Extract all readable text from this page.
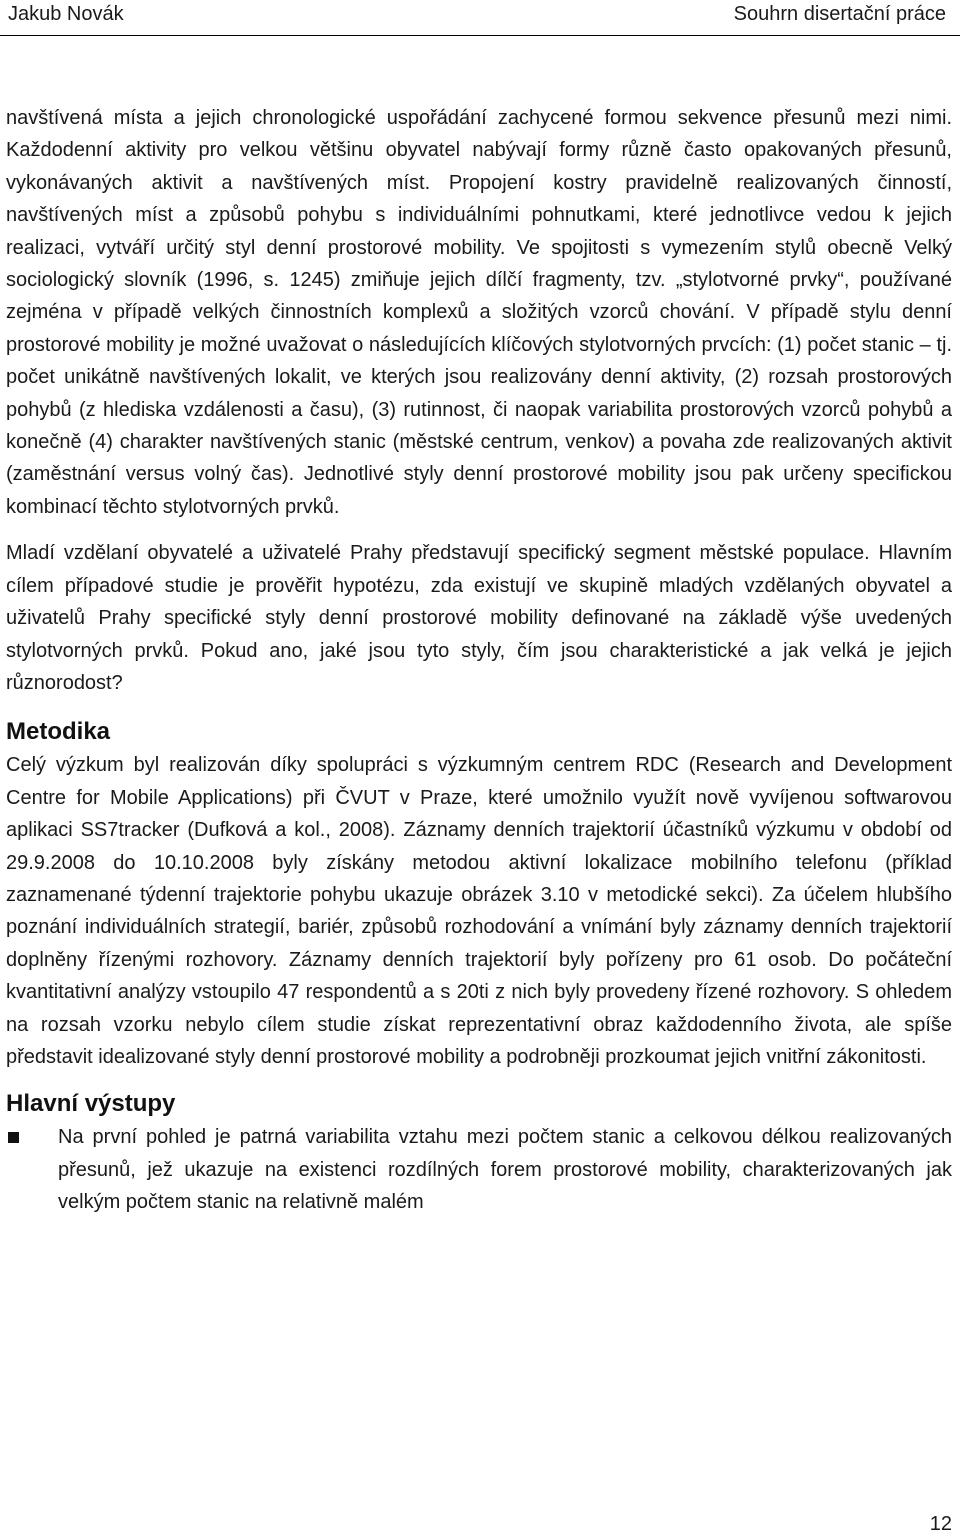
Jakub Novák	Souhrn disertační práce

navštívená místa a jejich chronologické uspořádání zachycené formou sekvence přesunů mezi nimi. Každodenní aktivity pro velkou většinu obyvatel nabývají formy různě často opakovaných přesunů, vykonávaných aktivit a navštívených míst. Propojení kostry pravidelně realizovaných činností, navštívených míst a způsobů pohybu s individuálními pohnutkami, které jednotlivce vedou k jejich realizaci, vytváří určitý styl denní prostorové mobility. Ve spojitosti s vymezením stylů obecně Velký sociologický slovník (1996, s. 1245) zmiňuje jejich dílčí fragmenty, tzv. „stylotvorné prvky“, používané zejména v případě velkých činnostních komplexů a složitých vzorců chování. V případě stylu denní prostorové mobility je možné uvažovat o následujících klíčových stylotvorných prvcích: (1) počet stanic – tj. počet unikátně navštívených lokalit, ve kterých jsou realizovány denní aktivity, (2) rozsah prostorových pohybů (z hlediska vzdálenosti a času), (3) rutinnost, či naopak variabilita prostorových vzorců pohybů a konečně (4) charakter navštívených stanic (městské centrum, venkov) a povaha zde realizovaných aktivit (zaměstnání versus volný čas). Jednotlivé styly denní prostorové mobility jsou pak určeny specifickou kombinací těchto stylotvorných prvků.

Mladí vzdělaní obyvatelé a uživatelé Prahy představují specifický segment městské populace. Hlavním cílem případové studie je prověřit hypotézu, zda existují ve skupině mladých vzdělaných obyvatel a uživatelů Prahy specifické styly denní prostorové mobility definované na základě výše uvedených stylotvorných prvků. Pokud ano, jaké jsou tyto styly, čím jsou charakteristické a jak velká je jejich různorodost?

Metodika

Celý výzkum byl realizován díky spolupráci s výzkumným centrem RDC (Research and Development Centre for Mobile Applications) při ČVUT v Praze, které umožnilo využít nově vyvíjenou softwarovou aplikaci SS7tracker (Dufková a kol., 2008). Záznamy denních trajektorií účastníků výzkumu v období od 29.9.2008 do 10.10.2008 byly získány metodou aktivní lokalizace mobilního telefonu (příklad zaznamenané týdenní trajektorie pohybu ukazuje obrázek 3.10 v metodické sekci). Za účelem hlubšího poznání individuálních strategií, bariér, způsobů rozhodování a vnímání byly záznamy denních trajektorií doplněny řízenými rozhovory. Záznamy denních trajektorií byly pořízeny pro 61 osob. Do počáteční kvantitativní analýzy vstoupilo 47 respondentů a s 20ti z nich byly provedeny řízené rozhovory. S ohledem na rozsah vzorku nebylo cílem studie získat reprezentativní obraz každodenního života, ale spíše představit idealizované styly denní prostorové mobility a podrobněji prozkoumat jejich vnitřní zákonitosti.

Hlavní výstupy
Na první pohled je patrná variabilita vztahu mezi počtem stanic a celkovou délkou realizovaných přesunů, jež ukazuje na existenci rozdílných forem prostorové mobility, charakterizovaných jak velkým počtem stanic na relativně malém
12
